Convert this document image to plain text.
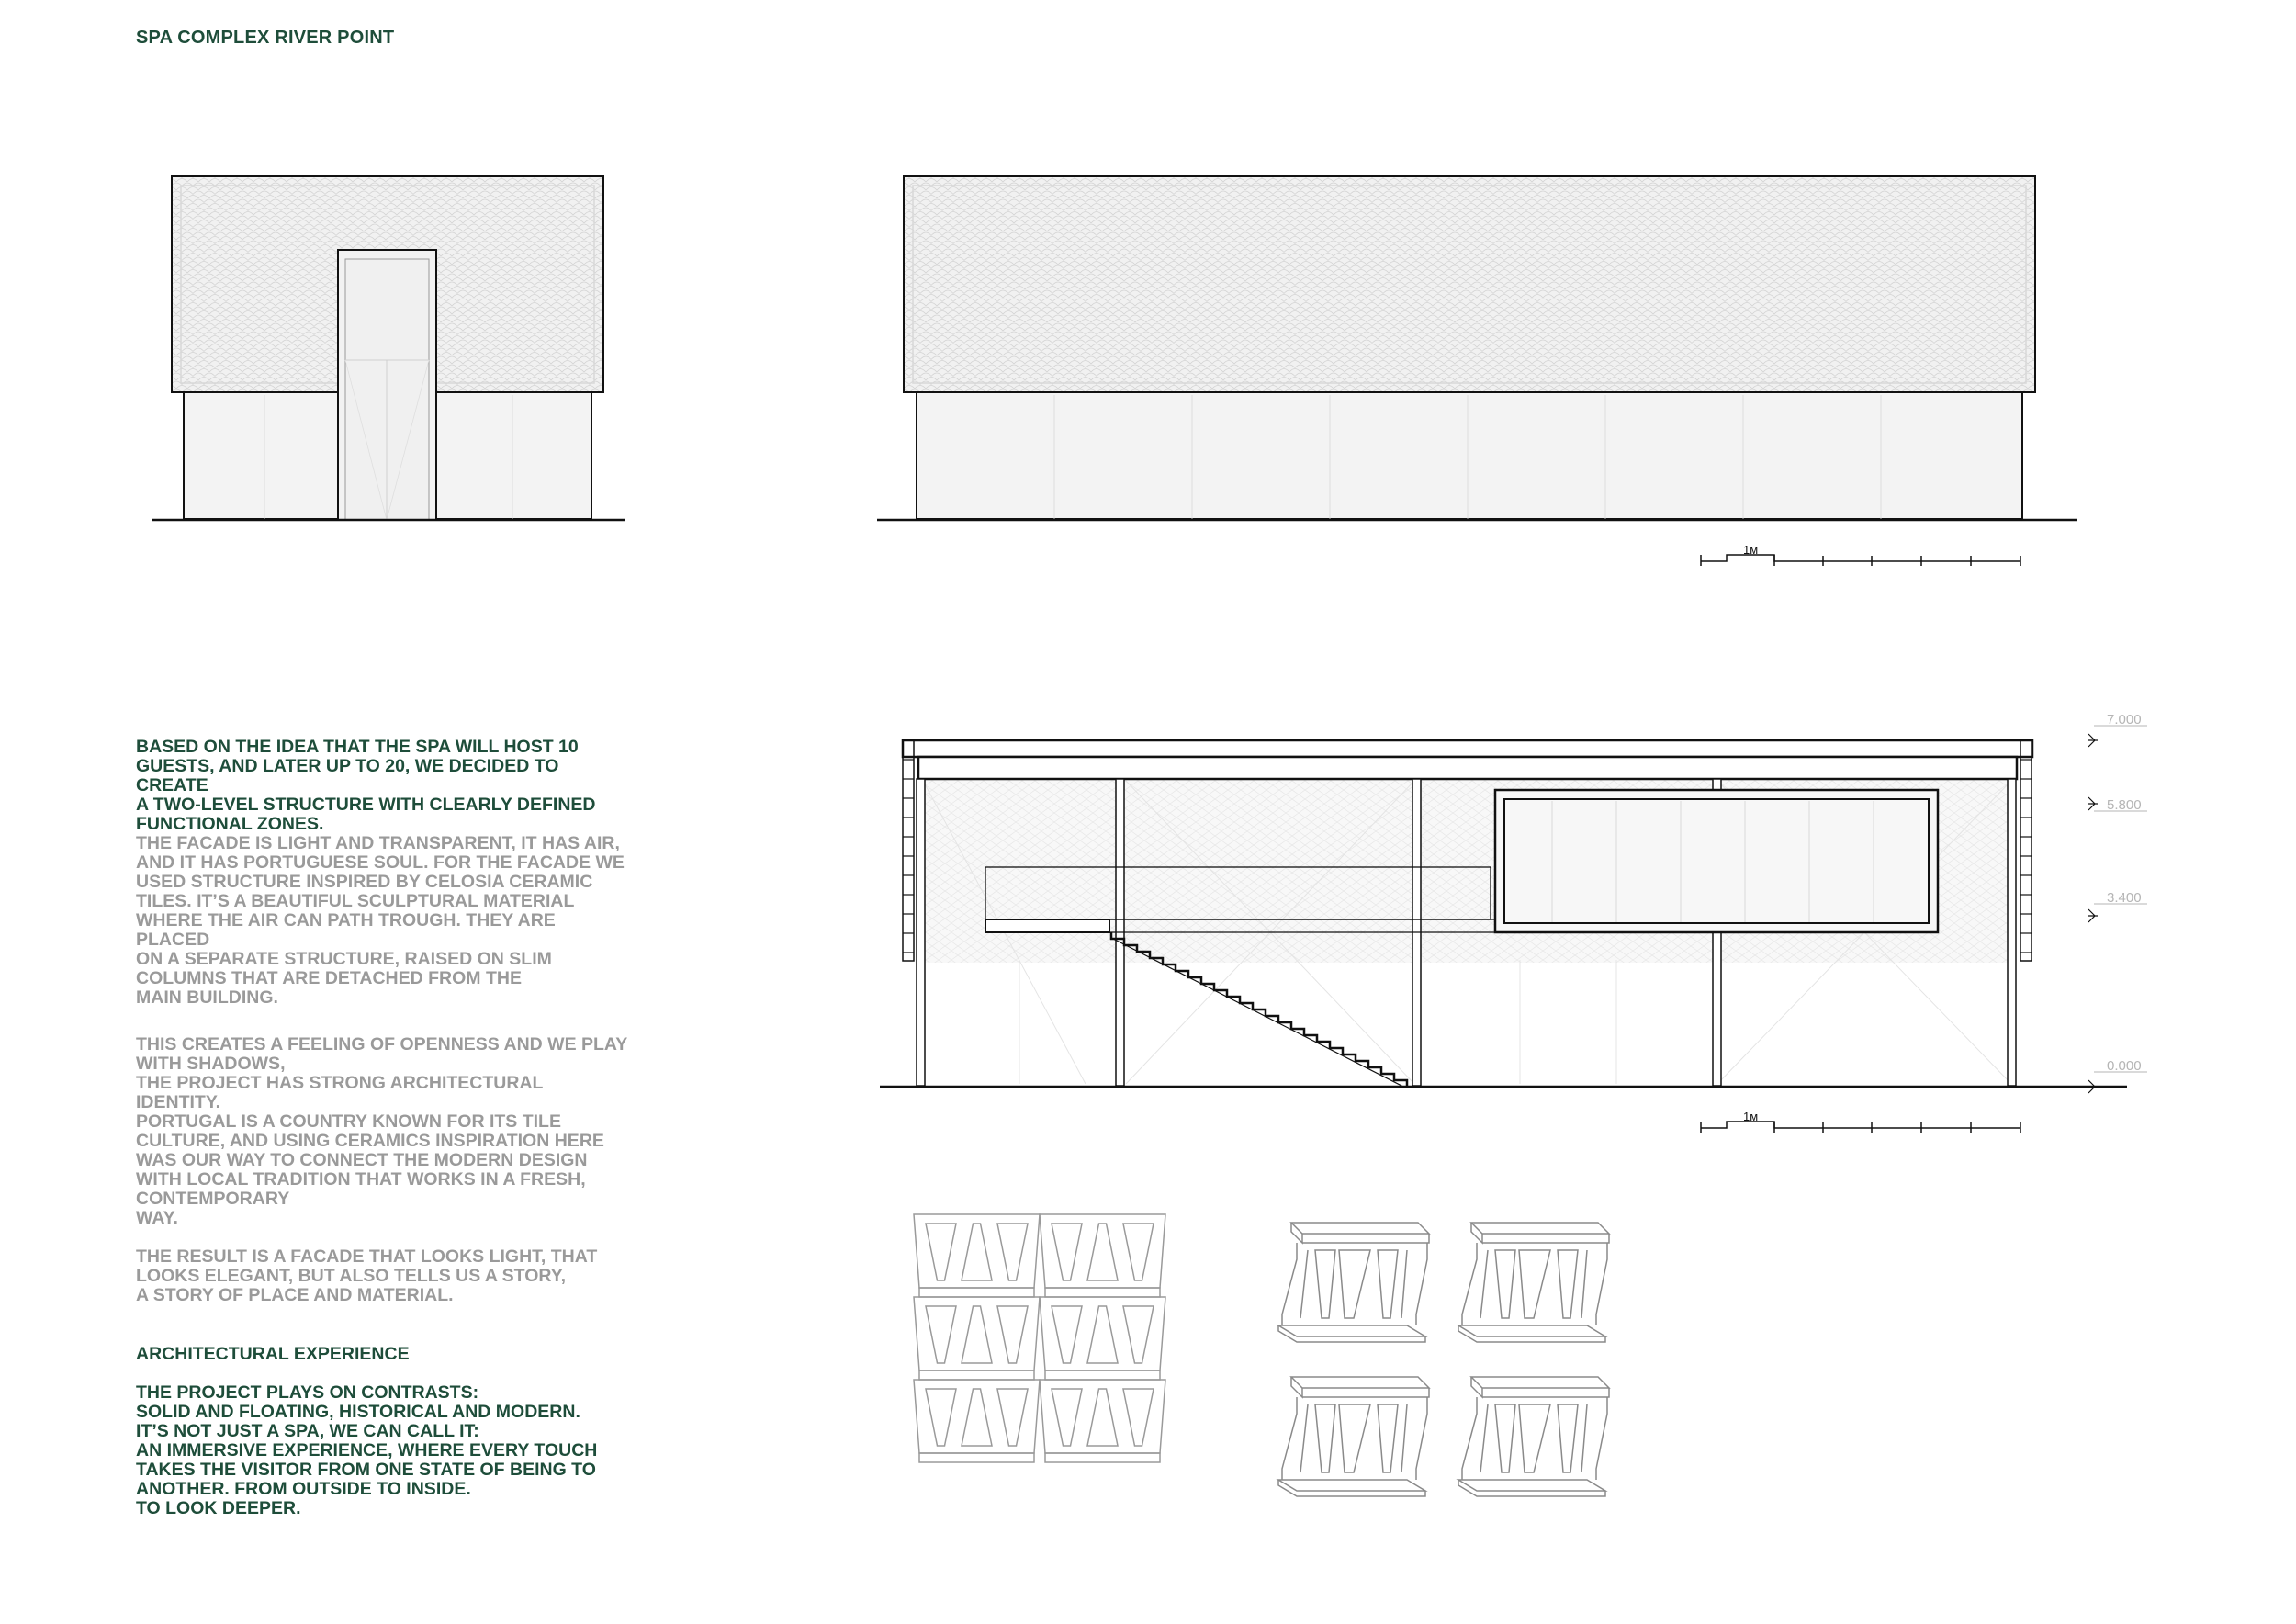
SPA COMPLEX RIVER POINT

BASED ON THE IDEA THAT THE SPA WILL HOST 10
GUESTS, AND LATER UP TO 20, WE DECIDED TO CREATE
A TWO-LEVEL STRUCTURE WITH CLEARLY DEFINED
FUNCTIONAL ZONES.

THE FACADE IS LIGHT AND TRANSPARENT, IT HAS AIR,
AND IT HAS PORTUGUESE SOUL. FOR THE FACADE WE
USED STRUCTURE INSPIRED BY CELOSIA CERAMIC
TILES. IT’S A BEAUTIFUL SCULPTURAL MATERIAL
WHERE THE AIR CAN PATH TROUGH. THEY ARE PLACED
ON A SEPARATE STRUCTURE, RAISED ON SLIM
COLUMNS THAT ARE DETACHED FROM THE
MAIN BUILDING.

THIS CREATES A FEELING OF OPENNESS AND WE PLAY
WITH SHADOWS,
THE PROJECT HAS STRONG ARCHITECTURAL IDENTITY.

PORTUGAL IS A COUNTRY KNOWN FOR ITS TILE
CULTURE, AND USING CERAMICS INSPIRATION HERE
WAS OUR WAY TO CONNECT THE MODERN DESIGN
WITH LOCAL TRADITION THAT WORKS IN A FRESH,
CONTEMPORARY
WAY.

THE RESULT IS A FACADE THAT LOOKS LIGHT, THAT
LOOKS ELEGANT, BUT ALSO TELLS US A STORY,
A STORY OF PLACE AND MATERIAL.

ARCHITECTURAL EXPERIENCE

THE PROJECT PLAYS ON CONTRASTS:
SOLID AND FLOATING, HISTORICAL AND MODERN.
IT’S NOT JUST A SPA, WE CAN CALL IT:
AN IMMERSIVE EXPERIENCE, WHERE EVERY TOUCH
TAKES THE VISITOR FROM ONE STATE OF BEING TO
ANOTHER. FROM OUTSIDE TO INSIDE.
TO LOOK DEEPER.

1м
7.000
5.800
3.400
0.000
1м
